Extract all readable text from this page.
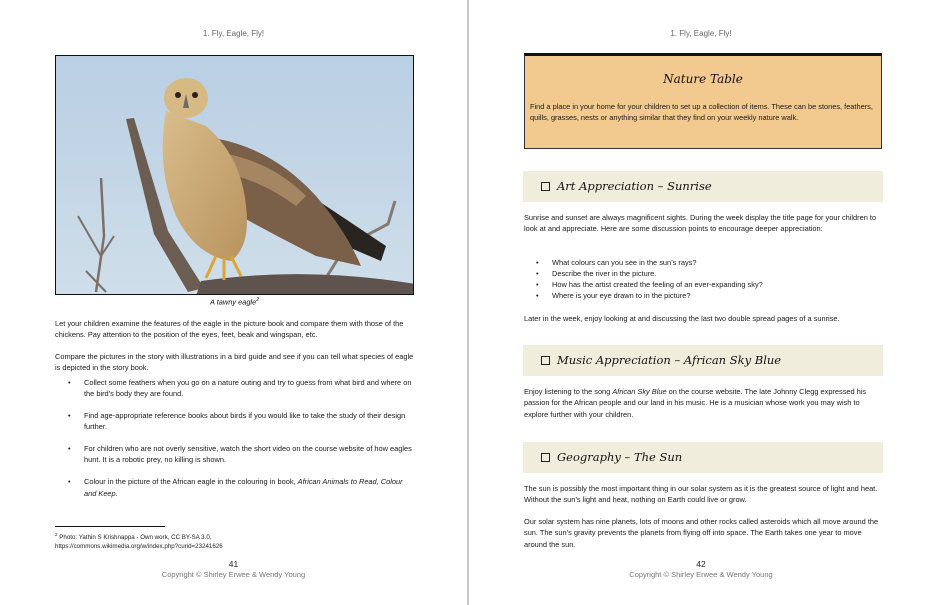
1. Fly, Eagle, Fly!
A tawny eagle$^2$
Let your children examine the features of the eagle in the picture book and compare them with those of the chickens. Pay attention to the position of the eyes, feet, beak and wingspan, etc.
Compare the pictures in the story with illustrations in a bird guide and see if you can tell what species of eagle is depicted in the story book.
• Collect some feathers when you go on a nature outing and try to guess from what bird and where on the bird’s body they are found.
• Find age-appropriate reference books about birds if you would like to take the study of their design further.
• For children who are not overly sensitive, watch the short video on the course website of how eagles hunt. It is a robotic prey, no killing is shown.
• Colour in the picture of the African eagle in the colouring in book, African Animals to Read, Colour and Keep.
$^2$ Photo: Yathin S Krishnappa - Own work, CC BY-SA 3.0,
https://commons.wikimedia.org/w/index.php?curid=23241626
41
Copyright © Shirley Erwee & Wendy Young
1. Fly, Eagle, Fly!
Nature Table
Find a place in your home for your children to set up a collection of items. These can be stones, feathers, quills, grasses, nests or anything similar that they find on your weekly nature walk.
Art Appreciation – Sunrise
Sunrise and sunset are always magnificent sights. During the week display the title page for your children to look at and appreciate. Here are some discussion points to encourage deeper appreciation:
• What colours can you see in the sun’s rays?
• Describe the river in the picture.
• How has the artist created the feeling of an ever-expanding sky?
• Where is your eye drawn to in the picture?
Later in the week, enjoy looking at and discussing the last two double spread pages of a sunrise.
Music Appreciation – African Sky Blue
Enjoy listening to the song African Sky Blue on the course website. The late Johnny Clegg expressed his passion for the African people and our land in his music. He is a musician whose work you may wish to explore further with your children.
Geography – The Sun
The sun is possibly the most important thing in our solar system as it is the greatest source of light and heat. Without the sun’s light and heat, nothing on Earth could live or grow.
Our solar system has nine planets, lots of moons and other rocks called asteroids which all move around the sun. The sun’s gravity prevents the planets from flying off into space. The Earth takes one year to move around the sun.
42
Copyright © Shirley Erwee & Wendy Young
